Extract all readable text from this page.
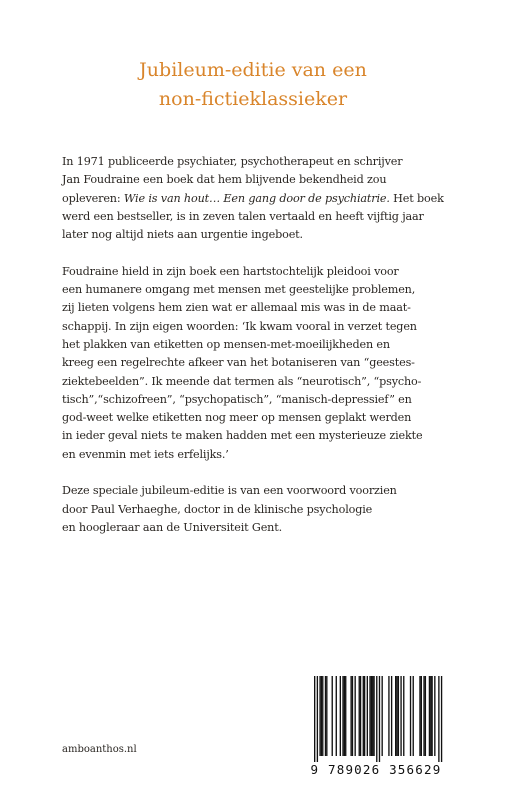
Jubileum-editie van een
non-fictieklassieker
In 1971 publiceerde psychiater, psychotherapeut en schrijver
Jan Foudraine een boek dat hem blijvende bekendheid zou
opleveren: Wie is van hout… Een gang door de psychiatrie. Het boek
werd een bestseller, is in zeven talen vertaald en heeft vijftig jaar
later nog altijd niets aan urgentie ingeboet.
Foudraine hield in zijn boek een hartstochtelijk pleidooi voor
een humanere omgang met mensen met geestelijke problemen,
zij lieten volgens hem zien wat er allemaal mis was in de maat-
schappij. In zijn eigen woorden: ‘Ik kwam vooral in verzet tegen
het plakken van etiketten op mensen-met-moeilijkheden en
kreeg een regelrechte afkeer van het botaniseren van “geestes-
ziektebeelden”. Ik meende dat termen als “neurotisch”, “psycho-
tisch”,“schizofreen”, “psychopatisch”, “manisch-depressief” en
god-weet welke etiketten nog meer op mensen geplakt werden
in ieder geval niets te maken hadden met een mysterieuze ziekte
en evenmin met iets erfelijks.’
Deze speciale jubileum-editie is van een voorwoord voorzien
door Paul Verhaeghe, doctor in de klinische psychologie
en hoogleraar aan de Universiteit Gent.
amboanthos.nl
9 789026 356629
